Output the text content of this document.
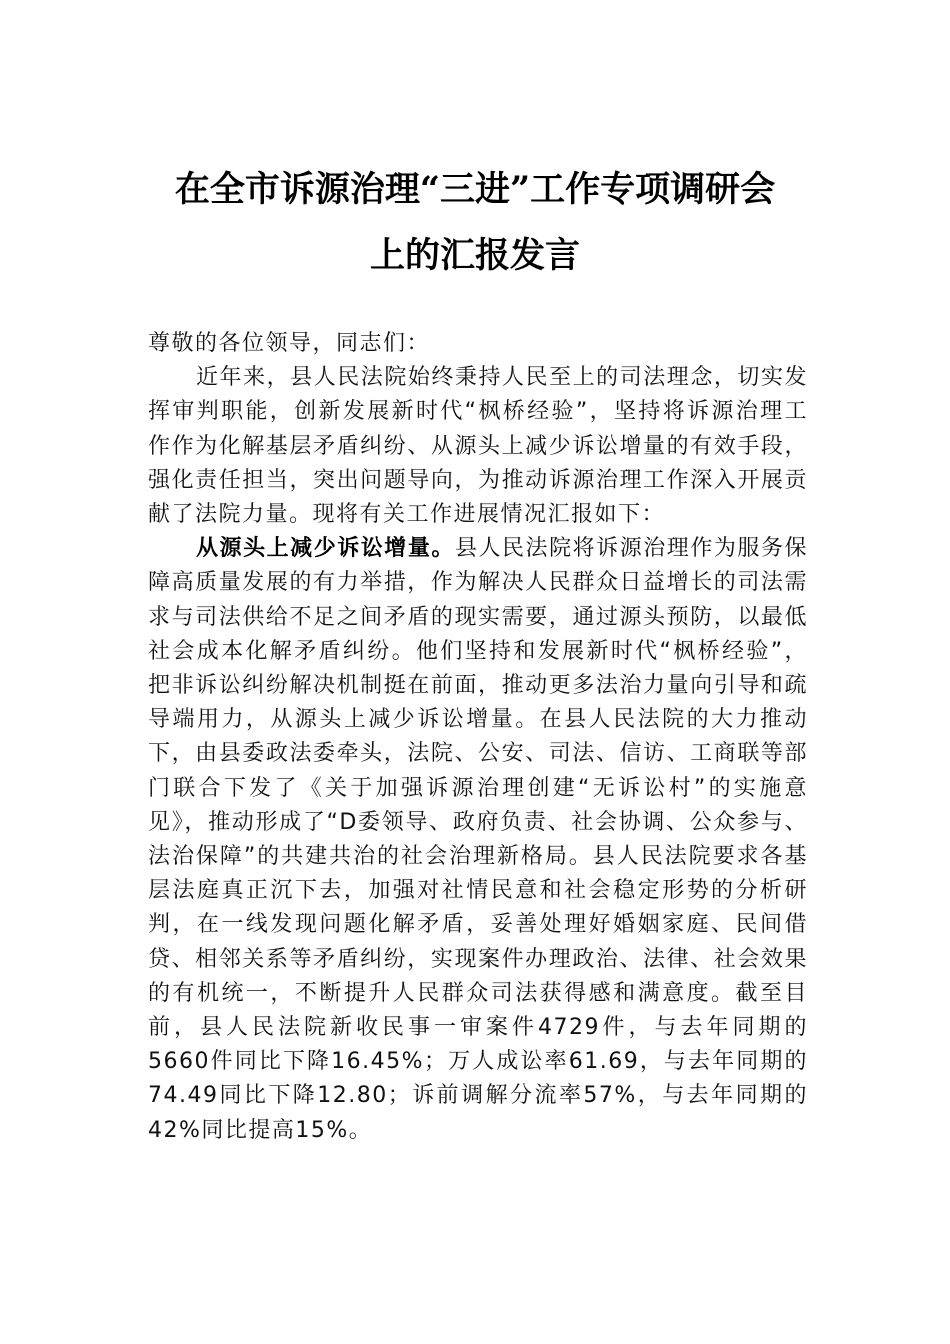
在全市诉源治理“三进”工作专项调研会
上的汇报发言

尊敬的各位领导，同志们：

近年来，县人民法院始终秉持人民至上的司法理念，切实发挥审判职能，创新发展新时代“枫桥经验”，坚持将诉源治理工作作为化解基层矛盾纠纷、从源头上减少诉讼增量的有效手段，强化责任担当，突出问题导向，为推动诉源治理工作深入开展贡献了法院力量。现将有关工作进展情况汇报如下：

从源头上减少诉讼增量。县人民法院将诉源治理作为服务保障高质量发展的有力举措，作为解决人民群众日益增长的司法需求与司法供给不足之间矛盾的现实需要，通过源头预防，以最低社会成本化解矛盾纠纷。他们坚持和发展新时代“枫桥经验”，把非诉讼纠纷解决机制挺在前面，推动更多法治力量向引导和疏导端用力，从源头上减少诉讼增量。在县人民法院的大力推动下，由县委政法委牵头，法院、公安、司法、信访、工商联等部门联合下发了《关于加强诉源治理创建“无诉讼村”的实施意见》，推动形成了“D委领导、政府负责、社会协调、公众参与、法治保障”的共建共治的社会治理新格局。县人民法院要求各基层法庭真正沉下去，加强对社情民意和社会稳定形势的分析研判，在一线发现问题化解矛盾，妥善处理好婚姻家庭、民间借贷、相邻关系等矛盾纠纷，实现案件办理政治、法律、社会效果的有机统一，不断提升人民群众司法获得感和满意度。截至目前，县人民法院新收民事一审案件4729件，与去年同期的5660件同比下降16.45%；万人成讼率61.69，与去年同期的74.49同比下降12.80；诉前调解分流率57%，与去年同期的42%同比提高15%。
